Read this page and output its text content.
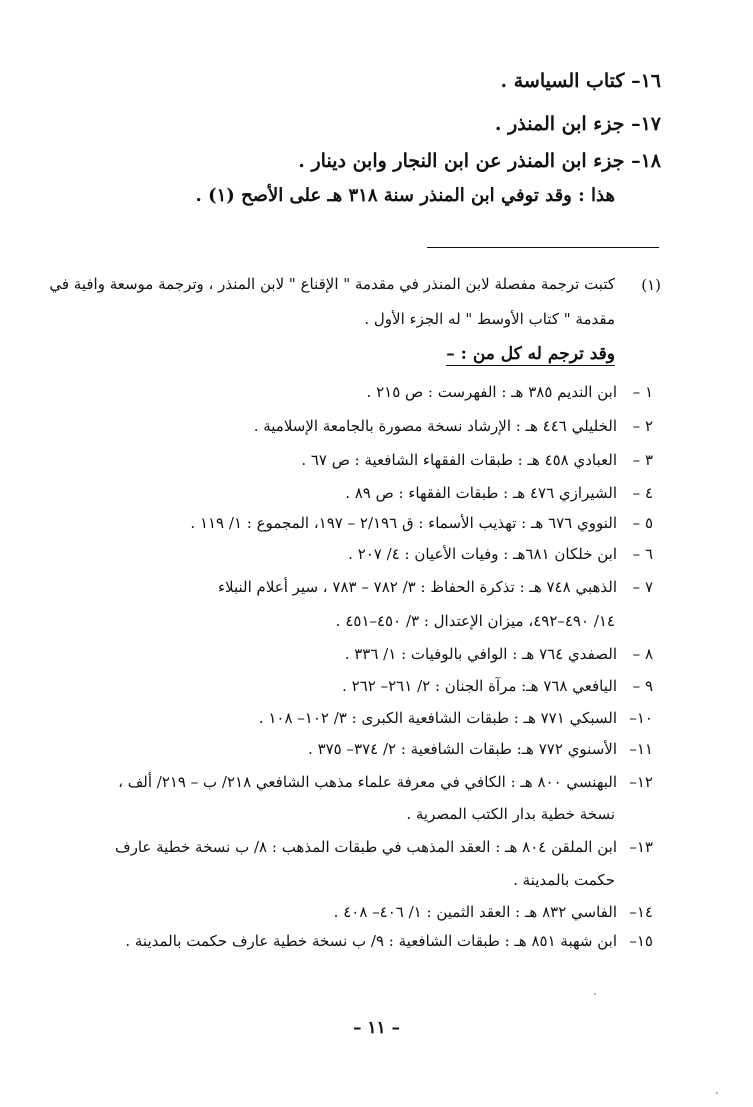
١٦– كتاب السياسة .
١٧– جزء ابن المنذر .
١٨– جزء ابن المنذر عن ابن النجار وابن دينار .
هذا : وقد توفي ابن المنذر سنة ٣١٨ هـ على الأصح (١) .
(١)
كتبت ترجمة مفصلة لابن المنذر في مقدمة " الإقناع " لابن المنذر ، وترجمة موسعة وافية في
مقدمة " كتاب الأوسط " له الجزء الأول .
وقد ترجم له كل من : –
١ –ابن النديم ٣٨٥ هـ : الفهرست : ص ٢١٥ .
٢ –الخليلي ٤٤٦ هـ : الإرشاد نسخة مصورة بالجامعة الإسلامية .
٣ –العبادي ٤٥٨ هـ : طبقات الفقهاء الشافعية : ص ٦٧ .
٤ –الشيرازي ٤٧٦ هـ : طبقات الفقهاء : ص ٨٩ .
٥ –النووي ٦٧٦ هـ : تهذيب الأسماء : ق ٢/١٩٦ – ١٩٧، المجموع : ١/ ١١٩ .
٦ –ابن خلكان ٦٨١هـ : وفيات الأعيان : ٤/ ٢٠٧ .
٧ –الذهبي ٧٤٨ هـ : تذكرة الحفاظ : ٣/ ٧٨٢ – ٧٨٣ ، سير أعلام النبلاء
١٤/ ٤٩٠–٤٩٢، ميزان الإعتدال : ٣/ ٤٥٠–٤٥١ .
٨ –الصفدي ٧٦٤ هـ : الوافي بالوفيات : ١/ ٣٣٦ .
٩ –اليافعي ٧٦٨ هـ: مرآة الجنان : ٢/ ٢٦١– ٢٦٢ .
١٠–السبكي ٧٧١ هـ : طبقات الشافعية الكبرى : ٣/ ١٠٢– ١٠٨ .
١١–الأسنوي ٧٧٢ هـ: طبقات الشافعية : ٢/ ٣٧٤– ٣٧٥ .
١٢–البهنسي ٨٠٠ هـ : الكافي في معرفة علماء مذهب الشافعي ٢١٨/ ب – ٢١٩/ ألف ،
نسخة خطية بدار الكتب المصرية .
١٣–ابن الملقن ٨٠٤ هـ : العقد المذهب في طبقات المذهب : ٨/ ب نسخة خطية عارف
حكمت بالمدينة .
١٤–الفاسي ٨٣٢ هـ : العقد الثمين : ١/ ٤٠٦– ٤٠٨ .
١٥–ابن شهبة ٨٥١ هـ : طبقات الشافعية : ٩/ ب نسخة خطية عارف حكمت بالمدينة .
– ١١ –
